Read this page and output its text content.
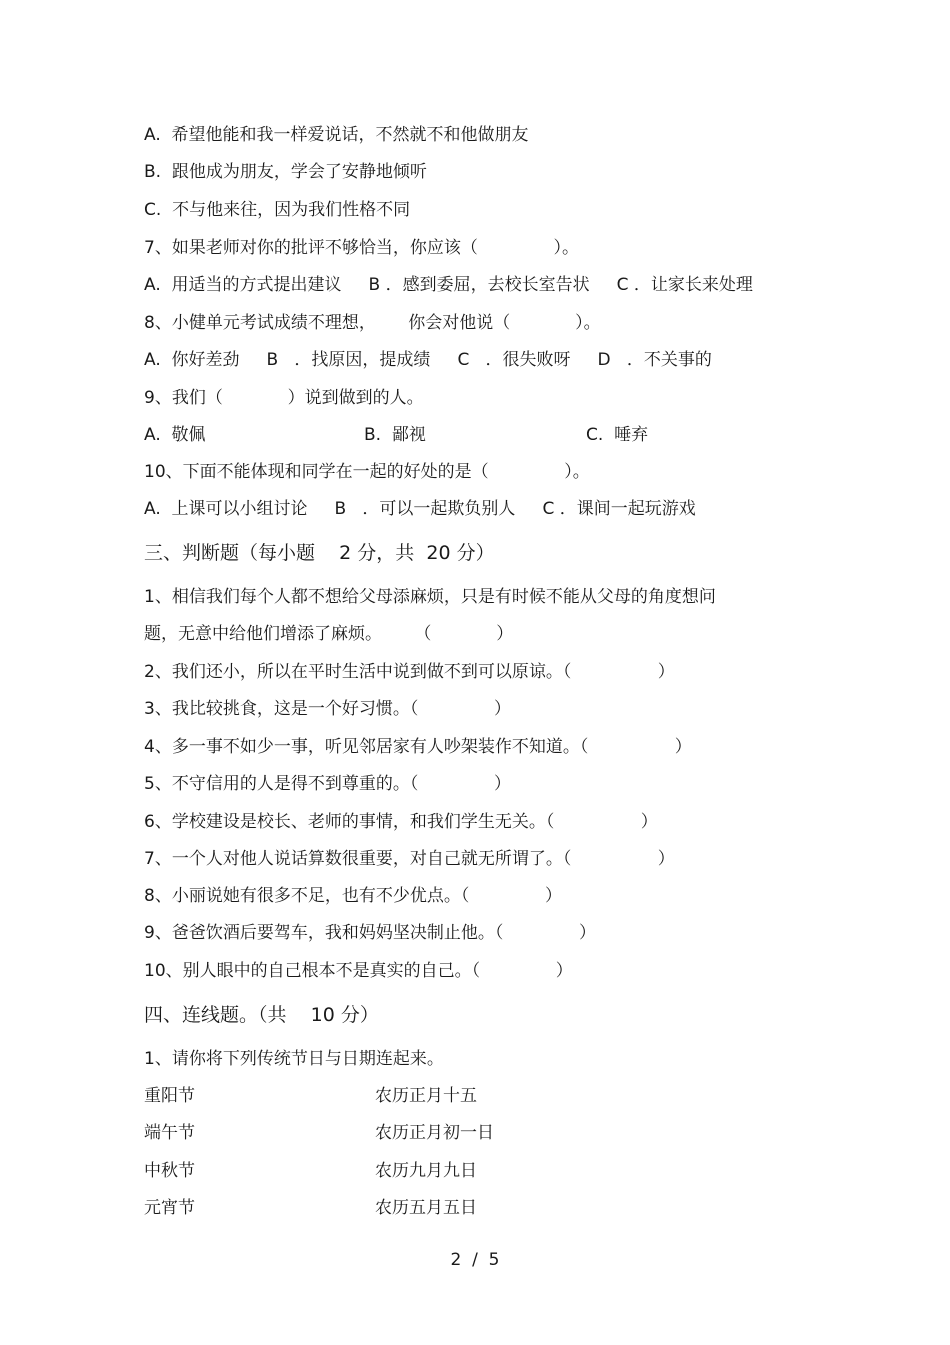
A.  希望他能和我一样爱说话，不然就不和他做朋友
B.  跟他成为朋友，学会了安静地倾听
C.  不与他来往，因为我们性格不同
7、如果老师对你的批评不够恰当，你应该（              ）。
A.  用适当的方式提出建议     B ．感到委屈，去校长室告状     C ．让家长来处理
8、小健单元考试成绩不理想，      你会对他说（            ）。
A.  你好差劲     B   ．找原因，提成绩     C   ．很失败呀     D   ．不关事的
9、我们（            ）说到做到的人。
A.  敬佩	B.  鄙视	C.  唾弃
10、下面不能体现和同学在一起的好处的是（              ）。
A.  上课可以小组讨论     B   ．可以一起欺负别人     C ．课间一起玩游戏
三、判断题（每小题    2 分，共  20 分）
1、相信我们每个人都不想给父母添麻烦，只是有时候不能从父母的角度想问
题，无意中给他们增添了麻烦。      （            ）
2、我们还小，所以在平时生活中说到做不到可以原谅。（                ）
3、我比较挑食，这是一个好习惯。（              ）
4、多一事不如少一事，听见邻居家有人吵架装作不知道。（                ）
5、不守信用的人是得不到尊重的。（              ）
6、学校建设是校长、老师的事情，和我们学生无关。（                ）
7、一个人对他人说话算数很重要，对自己就无所谓了。（                ）
8、小丽说她有很多不足，也有不少优点。（              ）
9、爸爸饮酒后要驾车，我和妈妈坚决制止他。（              ）
10、别人眼中的自己根本不是真实的自己。（              ）
四、连线题。（共    10 分）
1、请你将下列传统节日与日期连起来。
重阳节	农历正月十五
端午节	农历正月初一日
中秋节	农历九月九日
元宵节	农历五月五日
2  /  5
